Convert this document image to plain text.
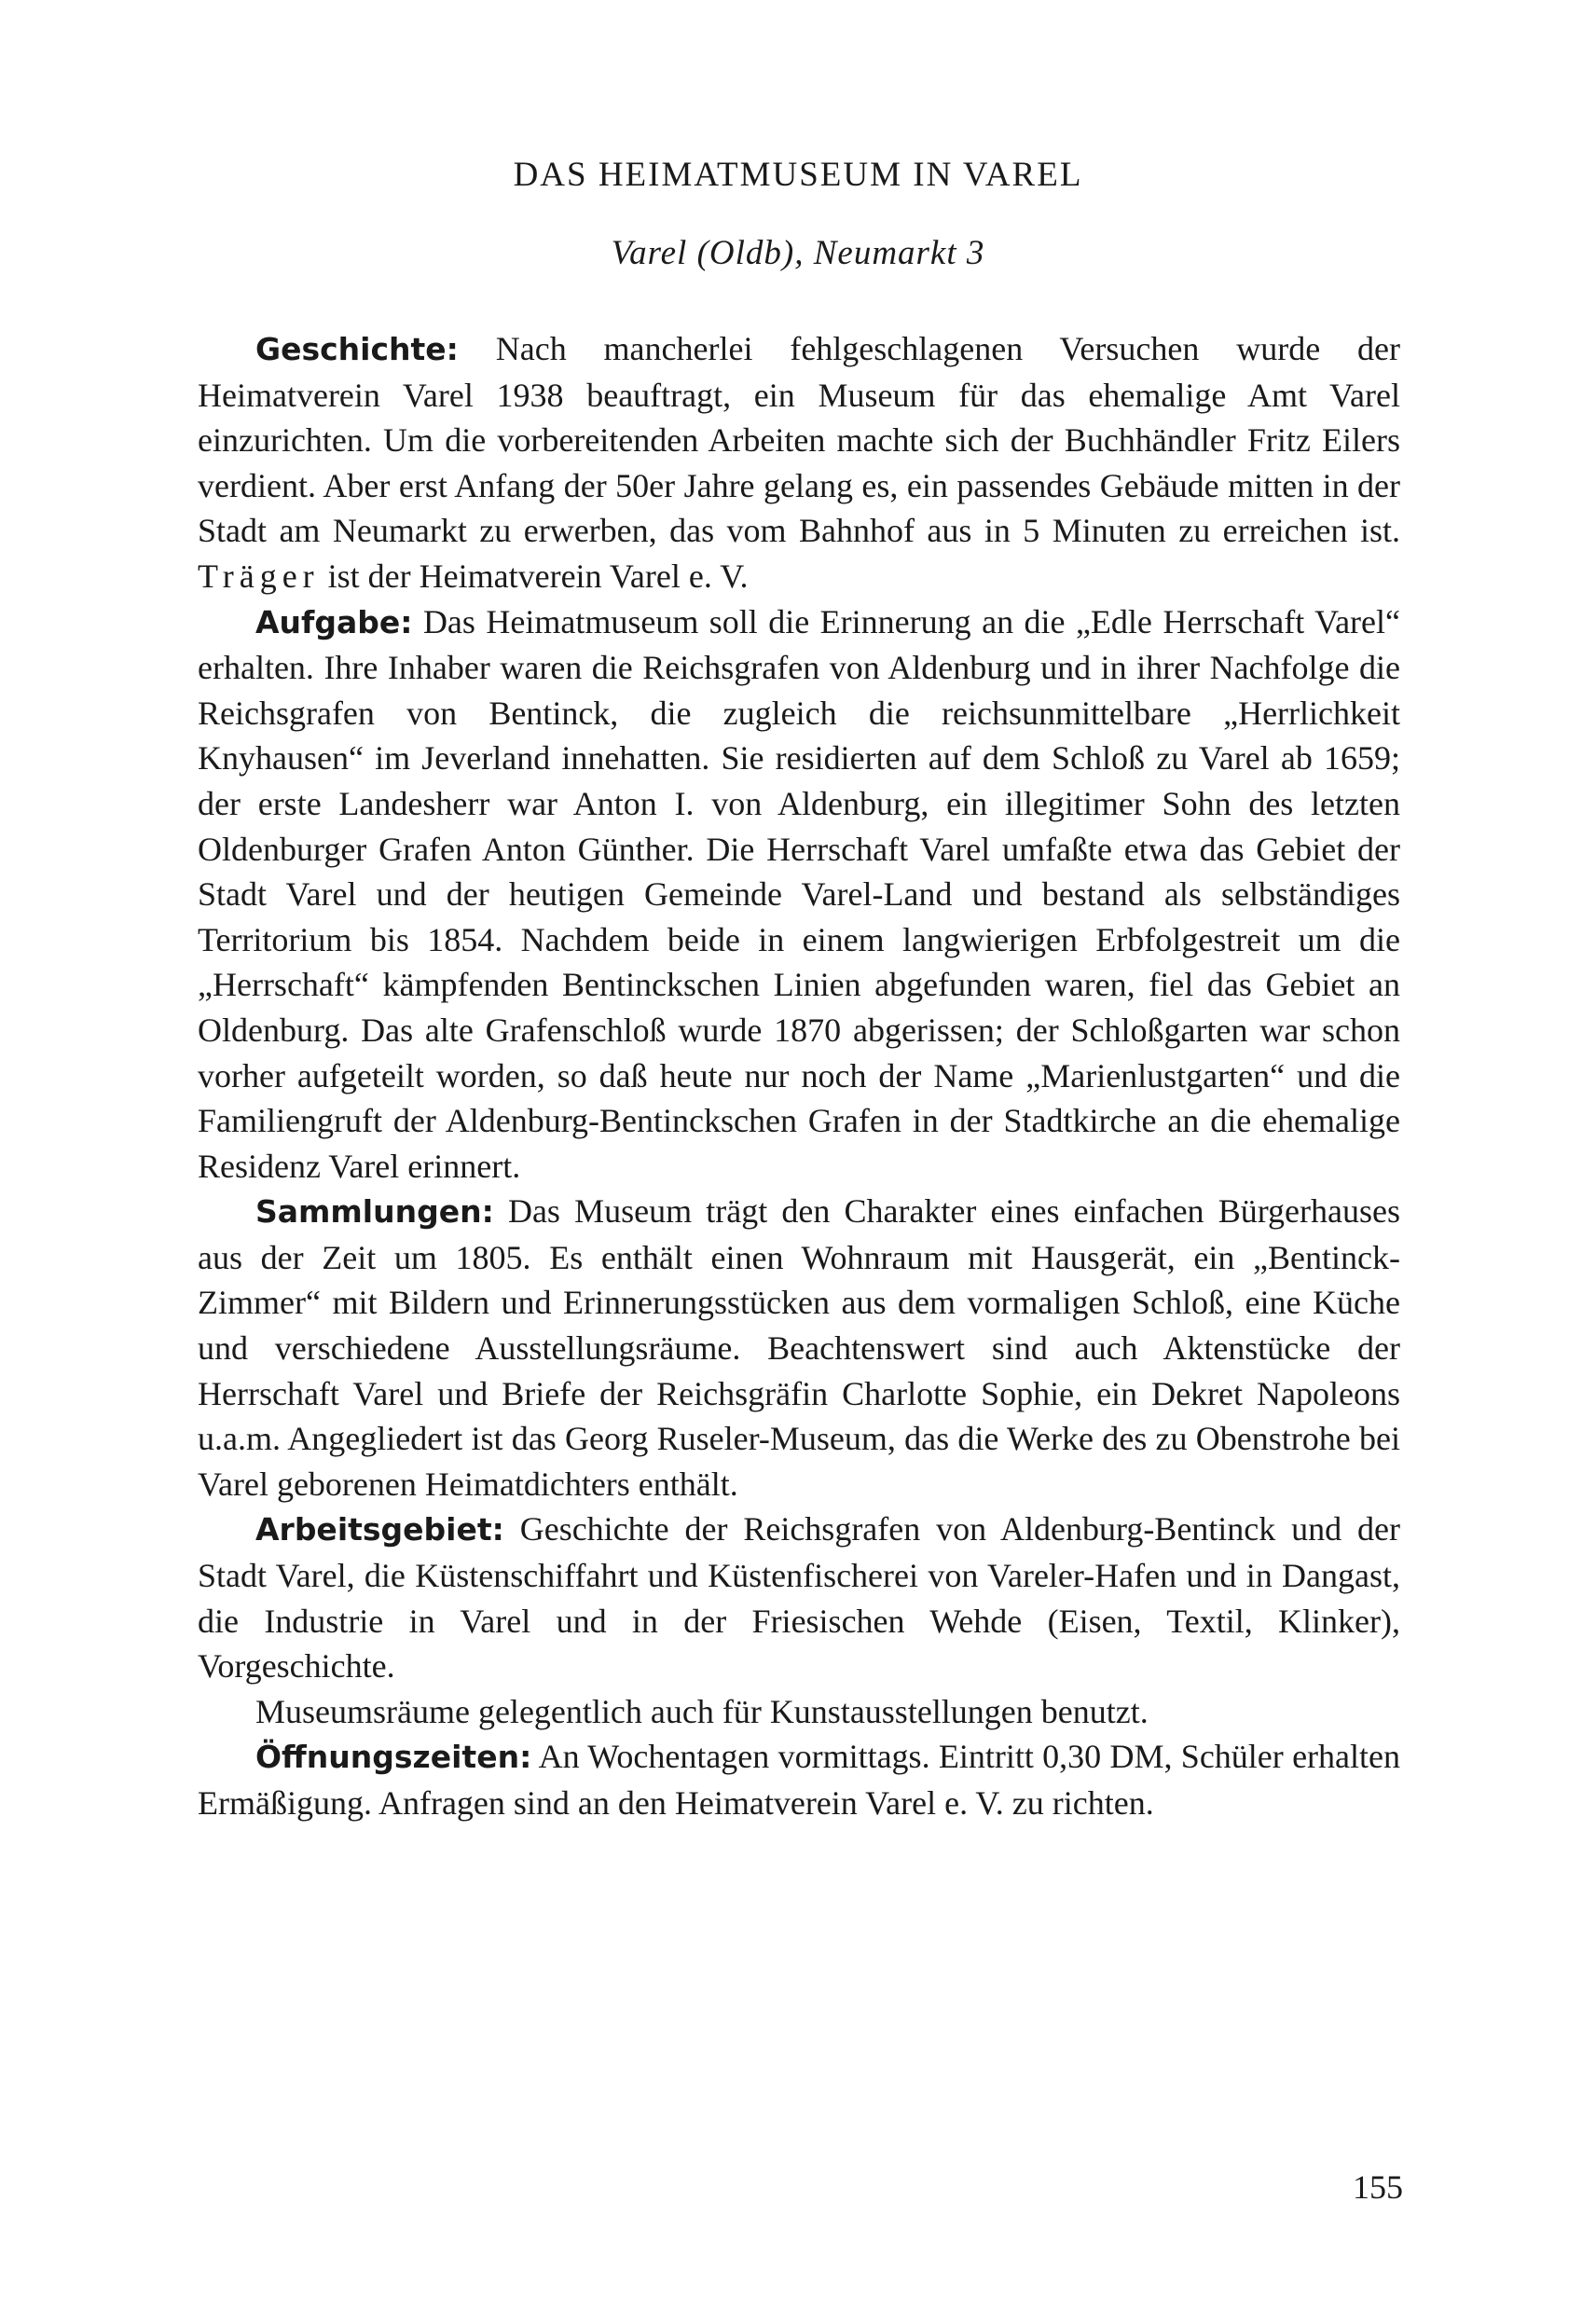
DAS HEIMATMUSEUM IN VAREL
Varel (Oldb), Neumarkt 3

Geschichte: Nach mancherlei fehlgeschlagenen Versuchen wurde der Heimatverein Varel 1938 beauftragt, ein Museum für das ehemalige Amt Varel einzurichten. Um die vorbereitenden Arbeiten machte sich der Buchhändler Fritz Eilers verdient. Aber erst Anfang der 50er Jahre gelang es, ein passendes Gebäude mitten in der Stadt am Neumarkt zu erwerben, das vom Bahnhof aus in 5 Minuten zu erreichen ist. Träger ist der Heimatverein Varel e. V.

Aufgabe: Das Heimatmuseum soll die Erinnerung an die „Edle Herrschaft Varel“ erhalten. Ihre Inhaber waren die Reichsgrafen von Aldenburg und in ihrer Nachfolge die Reichsgrafen von Bentinck, die zugleich die reichsunmittelbare „Herrlichkeit Knyhausen“ im Jeverland innehatten. Sie residierten auf dem Schloß zu Varel ab 1659; der erste Landesherr war Anton I. von Aldenburg, ein illegitimer Sohn des letzten Oldenburger Grafen Anton Günther. Die Herrschaft Varel umfaßte etwa das Gebiet der Stadt Varel und der heutigen Gemeinde Varel-Land und bestand als selbständiges Territorium bis 1854. Nachdem beide in einem langwierigen Erbfolgestreit um die „Herrschaft“ kämpfenden Bentinckschen Linien abgefunden waren, fiel das Gebiet an Oldenburg. Das alte Grafenschloß wurde 1870 abgerissen; der Schloßgarten war schon vorher aufgeteilt worden, so daß heute nur noch der Name „Marienlustgarten“ und die Familiengruft der Aldenburg-Bentinckschen Grafen in der Stadtkirche an die ehemalige Residenz Varel erinnert.

Sammlungen: Das Museum trägt den Charakter eines einfachen Bürgerhauses aus der Zeit um 1805. Es enthält einen Wohnraum mit Hausgerät, ein „Bentinck-Zimmer“ mit Bildern und Erinnerungsstücken aus dem vormaligen Schloß, eine Küche und verschiedene Ausstellungsräume. Beachtenswert sind auch Aktenstücke der Herrschaft Varel und Briefe der Reichsgräfin Charlotte Sophie, ein Dekret Napoleons u.a.m. Angegliedert ist das Georg Ruseler-Museum, das die Werke des zu Obenstrohe bei Varel geborenen Heimatdichters enthält.

Arbeitsgebiet: Geschichte der Reichsgrafen von Aldenburg-Bentinck und der Stadt Varel, die Küstenschiffahrt und Küstenfischerei von Vareler-Hafen und in Dangast, die Industrie in Varel und in der Friesischen Wehde (Eisen, Textil, Klinker), Vorgeschichte.

Museumsräume gelegentlich auch für Kunstausstellungen benutzt.

Öffnungszeiten: An Wochentagen vormittags. Eintritt 0,30 DM, Schüler erhalten Ermäßigung. Anfragen sind an den Heimatverein Varel e. V. zu richten.

155
